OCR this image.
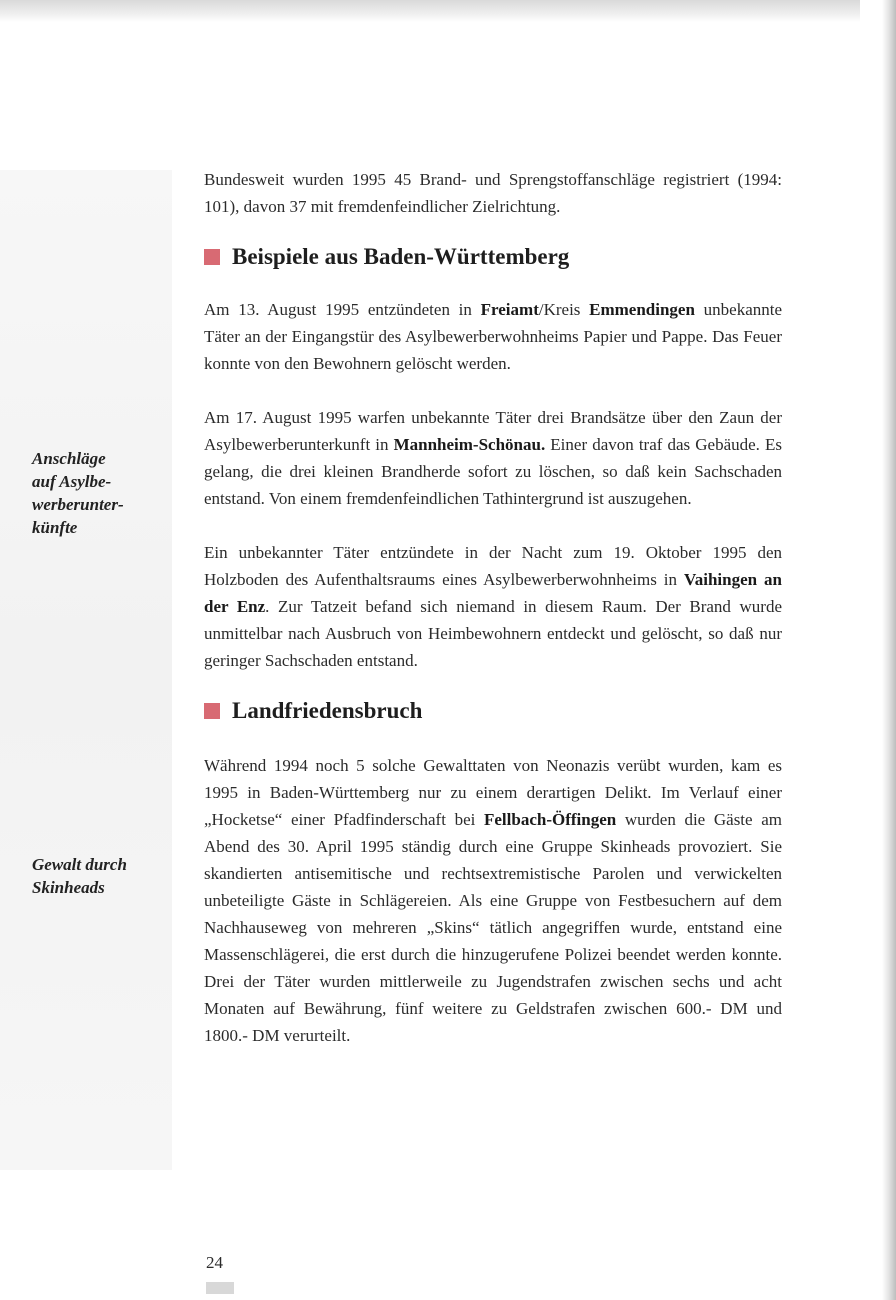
Anschläge
auf Asylbe-
werberunter-
künfte
Gewalt durch
Skinheads

Bundesweit wurden 1995 45 Brand- und Sprengstoffanschläge registriert (1994: 101), davon 37 mit fremdenfeindlicher Zielrichtung.

Beispiele aus Baden-Württemberg

Am 13. August 1995 entzündeten in Freiamt/Kreis Emmendingen unbekannte Täter an der Eingangstür des Asylbewerberwohnheims Papier und Pappe. Das Feuer konnte von den Bewohnern gelöscht werden.

Am 17. August 1995 warfen unbekannte Täter drei Brandsätze über den Zaun der Asylbewerberunterkunft in Mannheim-Schönau. Einer davon traf das Gebäude. Es gelang, die drei kleinen Brandherde sofort zu löschen, so daß kein Sachschaden entstand. Von einem fremdenfeindlichen Tathintergrund ist auszugehen.

Ein unbekannter Täter entzündete in der Nacht zum 19. Oktober 1995 den Holzboden des Aufenthaltsraums eines Asylbewerberwohnheims in Vaihingen an der Enz. Zur Tatzeit befand sich niemand in diesem Raum. Der Brand wurde unmittelbar nach Ausbruch von Heimbewohnern entdeckt und gelöscht, so daß nur geringer Sachschaden entstand.

Landfriedensbruch

Während 1994 noch 5 solche Gewalttaten von Neonazis verübt wurden, kam es 1995 in Baden-Württemberg nur zu einem derartigen Delikt. Im Verlauf einer „Hocketse“ einer Pfadfinderschaft bei Fellbach-Öffingen wurden die Gäste am Abend des 30. April 1995 ständig durch eine Gruppe Skinheads provoziert. Sie skandierten antisemitische und rechtsextremistische Parolen und verwickelten unbeteiligte Gäste in Schlägereien. Als eine Gruppe von Festbesuchern auf dem Nachhauseweg von mehreren „Skins“ tätlich angegriffen wurde, entstand eine Massenschlägerei, die erst durch die hinzugerufene Polizei beendet werden konnte. Drei der Täter wurden mittlerweile zu Jugendstrafen zwischen sechs und acht Monaten auf Bewährung, fünf weitere zu Geldstrafen zwischen 600.- DM und 1800.- DM verurteilt.

24
